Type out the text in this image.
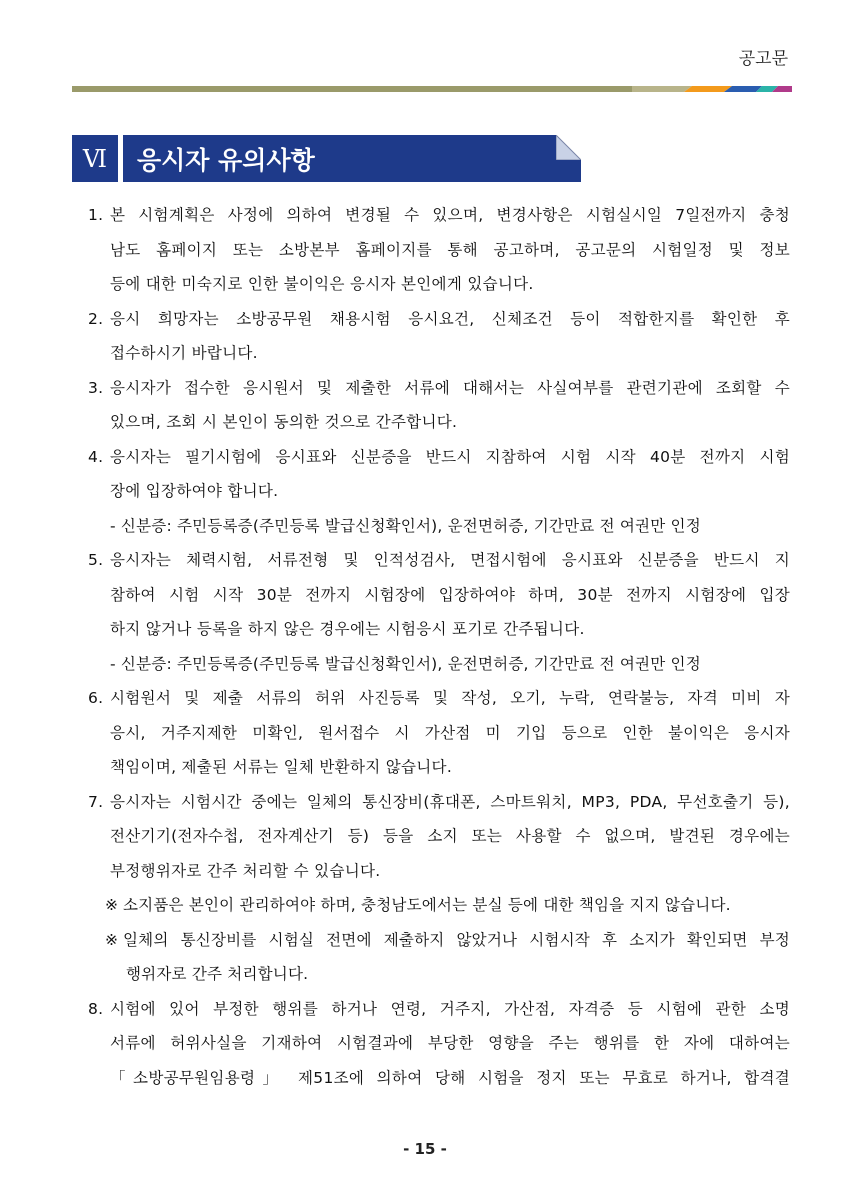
공고문
Ⅵ	응시자 유의사항
1. 본 시험계획은 사정에 의하여 변경될 수 있으며, 변경사항은 시험실시일 7일전까지 충청
남도 홈페이지 또는 소방본부 홈페이지를 통해 공고하며, 공고문의 시험일정 및 정보
등에 대한 미숙지로 인한 불이익은 응시자 본인에게 있습니다.
2. 응시 희망자는 소방공무원 채용시험 응시요건, 신체조건 등이 적합한지를 확인한 후
접수하시기 바랍니다.
3. 응시자가 접수한 응시원서 및 제출한 서류에 대해서는 사실여부를 관련기관에 조회할 수
있으며, 조회 시 본인이 동의한 것으로 간주합니다.
4. 응시자는 필기시험에 응시표와 신분증을 반드시 지참하여 시험 시작 40분 전까지 시험
장에 입장하여야 합니다.
- 신분증: 주민등록증(주민등록 발급신청확인서), 운전면허증, 기간만료 전 여권만 인정
5. 응시자는 체력시험, 서류전형 및 인적성검사, 면접시험에 응시표와 신분증을 반드시 지
참하여 시험 시작 30분 전까지 시험장에 입장하여야 하며, 30분 전까지 시험장에 입장
하지 않거나 등록을 하지 않은 경우에는 시험응시 포기로 간주됩니다.
- 신분증: 주민등록증(주민등록 발급신청확인서), 운전면허증, 기간만료 전 여권만 인정
6. 시험원서 및 제출 서류의 허위 사진등록 및 작성, 오기, 누락, 연락불능, 자격 미비 자
응시, 거주지제한 미확인, 원서접수 시 가산점 미 기입 등으로 인한 불이익은 응시자
책임이며, 제출된 서류는 일체 반환하지 않습니다.
7. 응시자는 시험시간 중에는 일체의 통신장비(휴대폰, 스마트워치, MP3, PDA, 무선호출기 등),
전산기기(전자수첩, 전자계산기 등) 등을 소지 또는 사용할 수 없으며, 발견된 경우에는
부정행위자로 간주 처리할 수 있습니다.
※ 소지품은 본인이 관리하여야 하며, 충청남도에서는 분실 등에 대한 책임을 지지 않습니다.
※ 일체의 통신장비를 시험실 전면에 제출하지 않았거나 시험시작 후 소지가 확인되면 부정
행위자로 간주 처리합니다.
8. 시험에 있어 부정한 행위를 하거나 연령, 거주지, 가산점, 자격증 등 시험에 관한 소명
서류에 허위사실을 기재하여 시험결과에 부당한 영향을 주는 행위를 한 자에 대하여는
「소방공무원임용령」 제51조에 의하여 당해 시험을 정지 또는 무효로 하거나, 합격결
- 15 -
